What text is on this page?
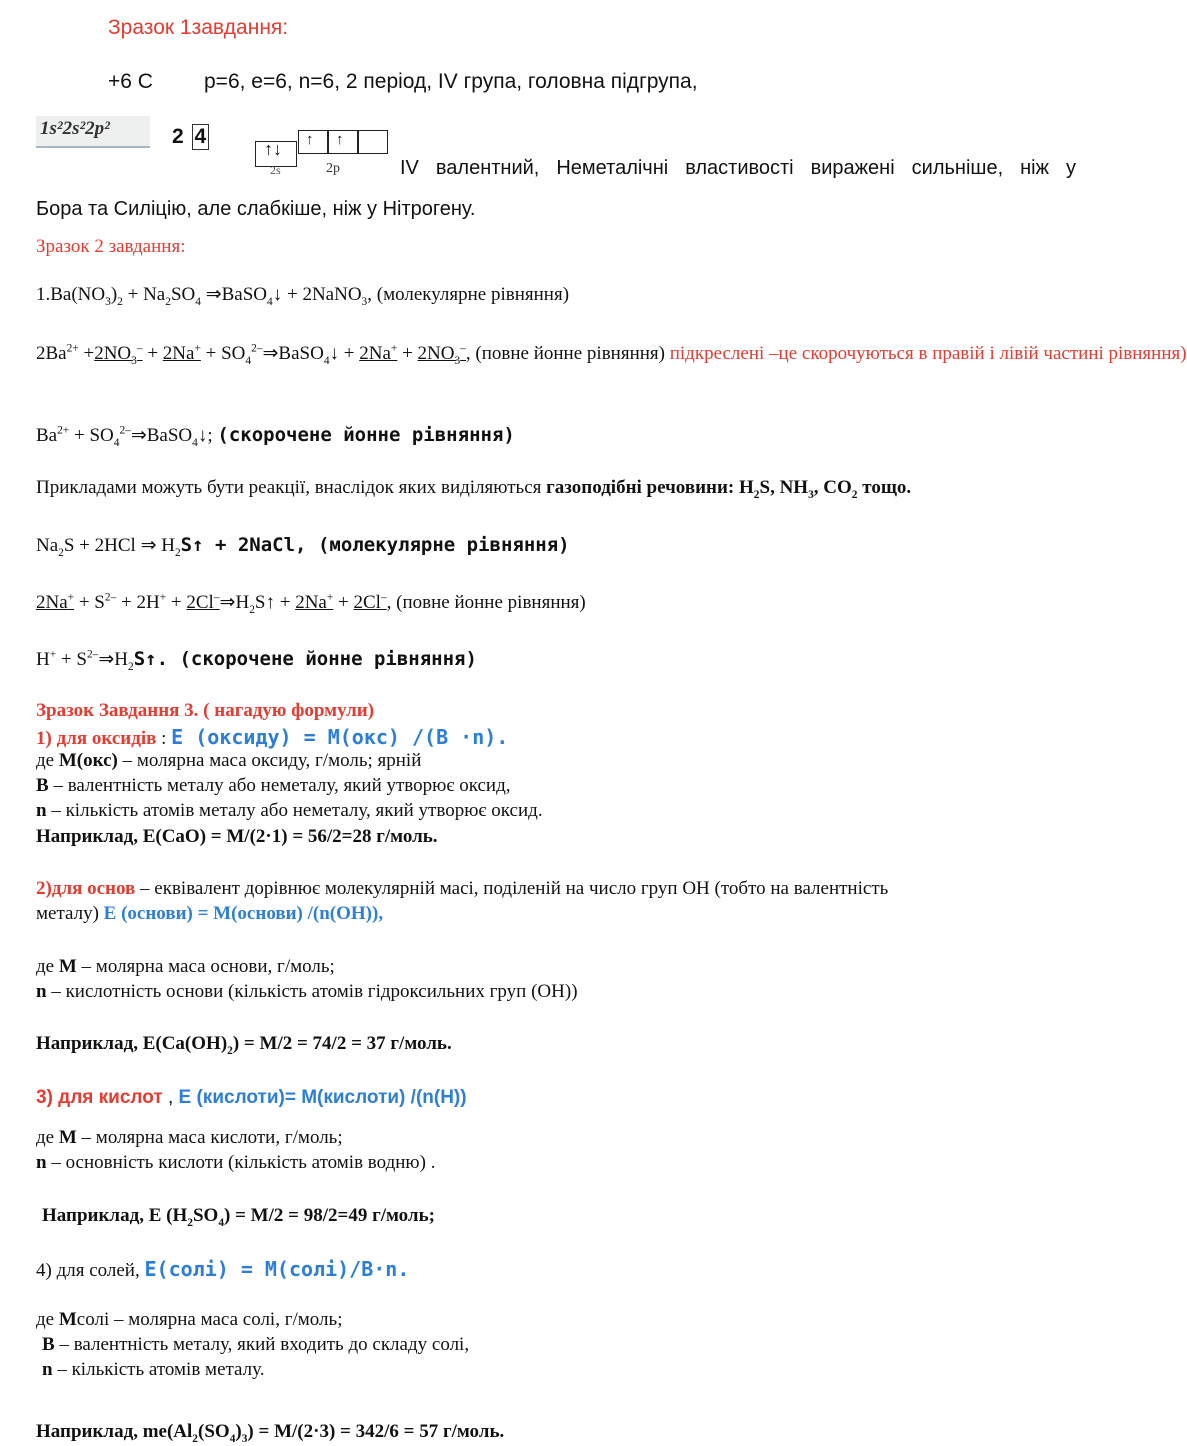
Зразок 1завдання:
+6 C p=6, e=6, n=6, 2 період, IV група, головна підгрупа,
1s²2s²2p²	2 4
↑↓ ↑ ↑
2s	2p	IV валентний, Неметалічні властивості виражені сильніше, ніж у
Бора та Силіцію, але слабкіше, ніж у Нітрогену.
Зразок 2 завдання:
$1.Ba(NO_3)_2 + Na_2SO_4$ ⇒BaSO$_4$↓ + 2NaNO$_3$, (молекулярне рівняння)
$2Ba^{2+} +2NO_3^- + 2Na^+$ + $SO_4^{2-}\Rightarrow BaSO_4↓ + 2Na^+ + 2NO_3^-$, (повне йонне рівняння) підкреслені –це скорочуються в правій і лівій частині рівняння)
$Ba^{2+}$ + $SO_4^{2-}\Rightarrow BaSO_4↓$; (скорочене йонне рівняння)
Прикладами можуть бути реакції, внаслідок яких виділяються газоподібні речовини: $H_2S$, $NH_3$, $CO_2$ тощо.
$Na_2S + 2HCl$ ⇒ $H_2S↑$ + 2NaCl, (молекулярне рівняння)
$2Na^+ + S^{2-} + 2H^+$ + $2Cl^-\Rightarrow H_2S↑ + 2Na^+ + 2Cl^-$, (повне йонне рівняння)
$H^+ + S^{2-}\Rightarrow H_2S↑$. (скорочене йонне рівняння)
Зразок Завдання 3. ( нагадую формули)
1) для оксидів : Е (оксиду) = М(окс) /(В ·n).
де М(окс) – молярна маса оксиду, г/моль; ярній
В – валентність металу або неметалу, який утворює оксид,
n – кількість атомів металу або неметалу, який утворює оксид.
Наприклад, E(CaO) = M/(2·1) = 56/2=28 г/моль.
2)для основ – еквівалент дорівнює молекулярній масі, поділеній на число груп ОН (тобто на валентність
металу) Е (основи) = М(основи) /(n(OH)),
де М – молярна маса основи, г/моль;
n – кислотність основи (кількість атомів гідроксильних груп (ОН))
Наприклад, $E(Ca(OH)_2) = M/2 = 74/2 = 37$ г/моль.
3) для кислот , Е (кислоти)= М(кислоти) /(n(H))
де М – молярна маса кислоти, г/моль;
n – основність кислоти (кількість атомів водню) .
Наприклад, E $(H_2SO_4) = M/2 = 98/2=49$ г/моль;
4) для солей, Е(солі) = М(солі)/В·n.
де Мсолі – молярна маса солі, г/моль;
В – валентність металу, який входить до складу солі,
n – кількість атомів металу.
Наприклад, $me(Al_2(SO_4)_3) = M/(2\cdot 3) = 342/6 = 57$ г/моль.
